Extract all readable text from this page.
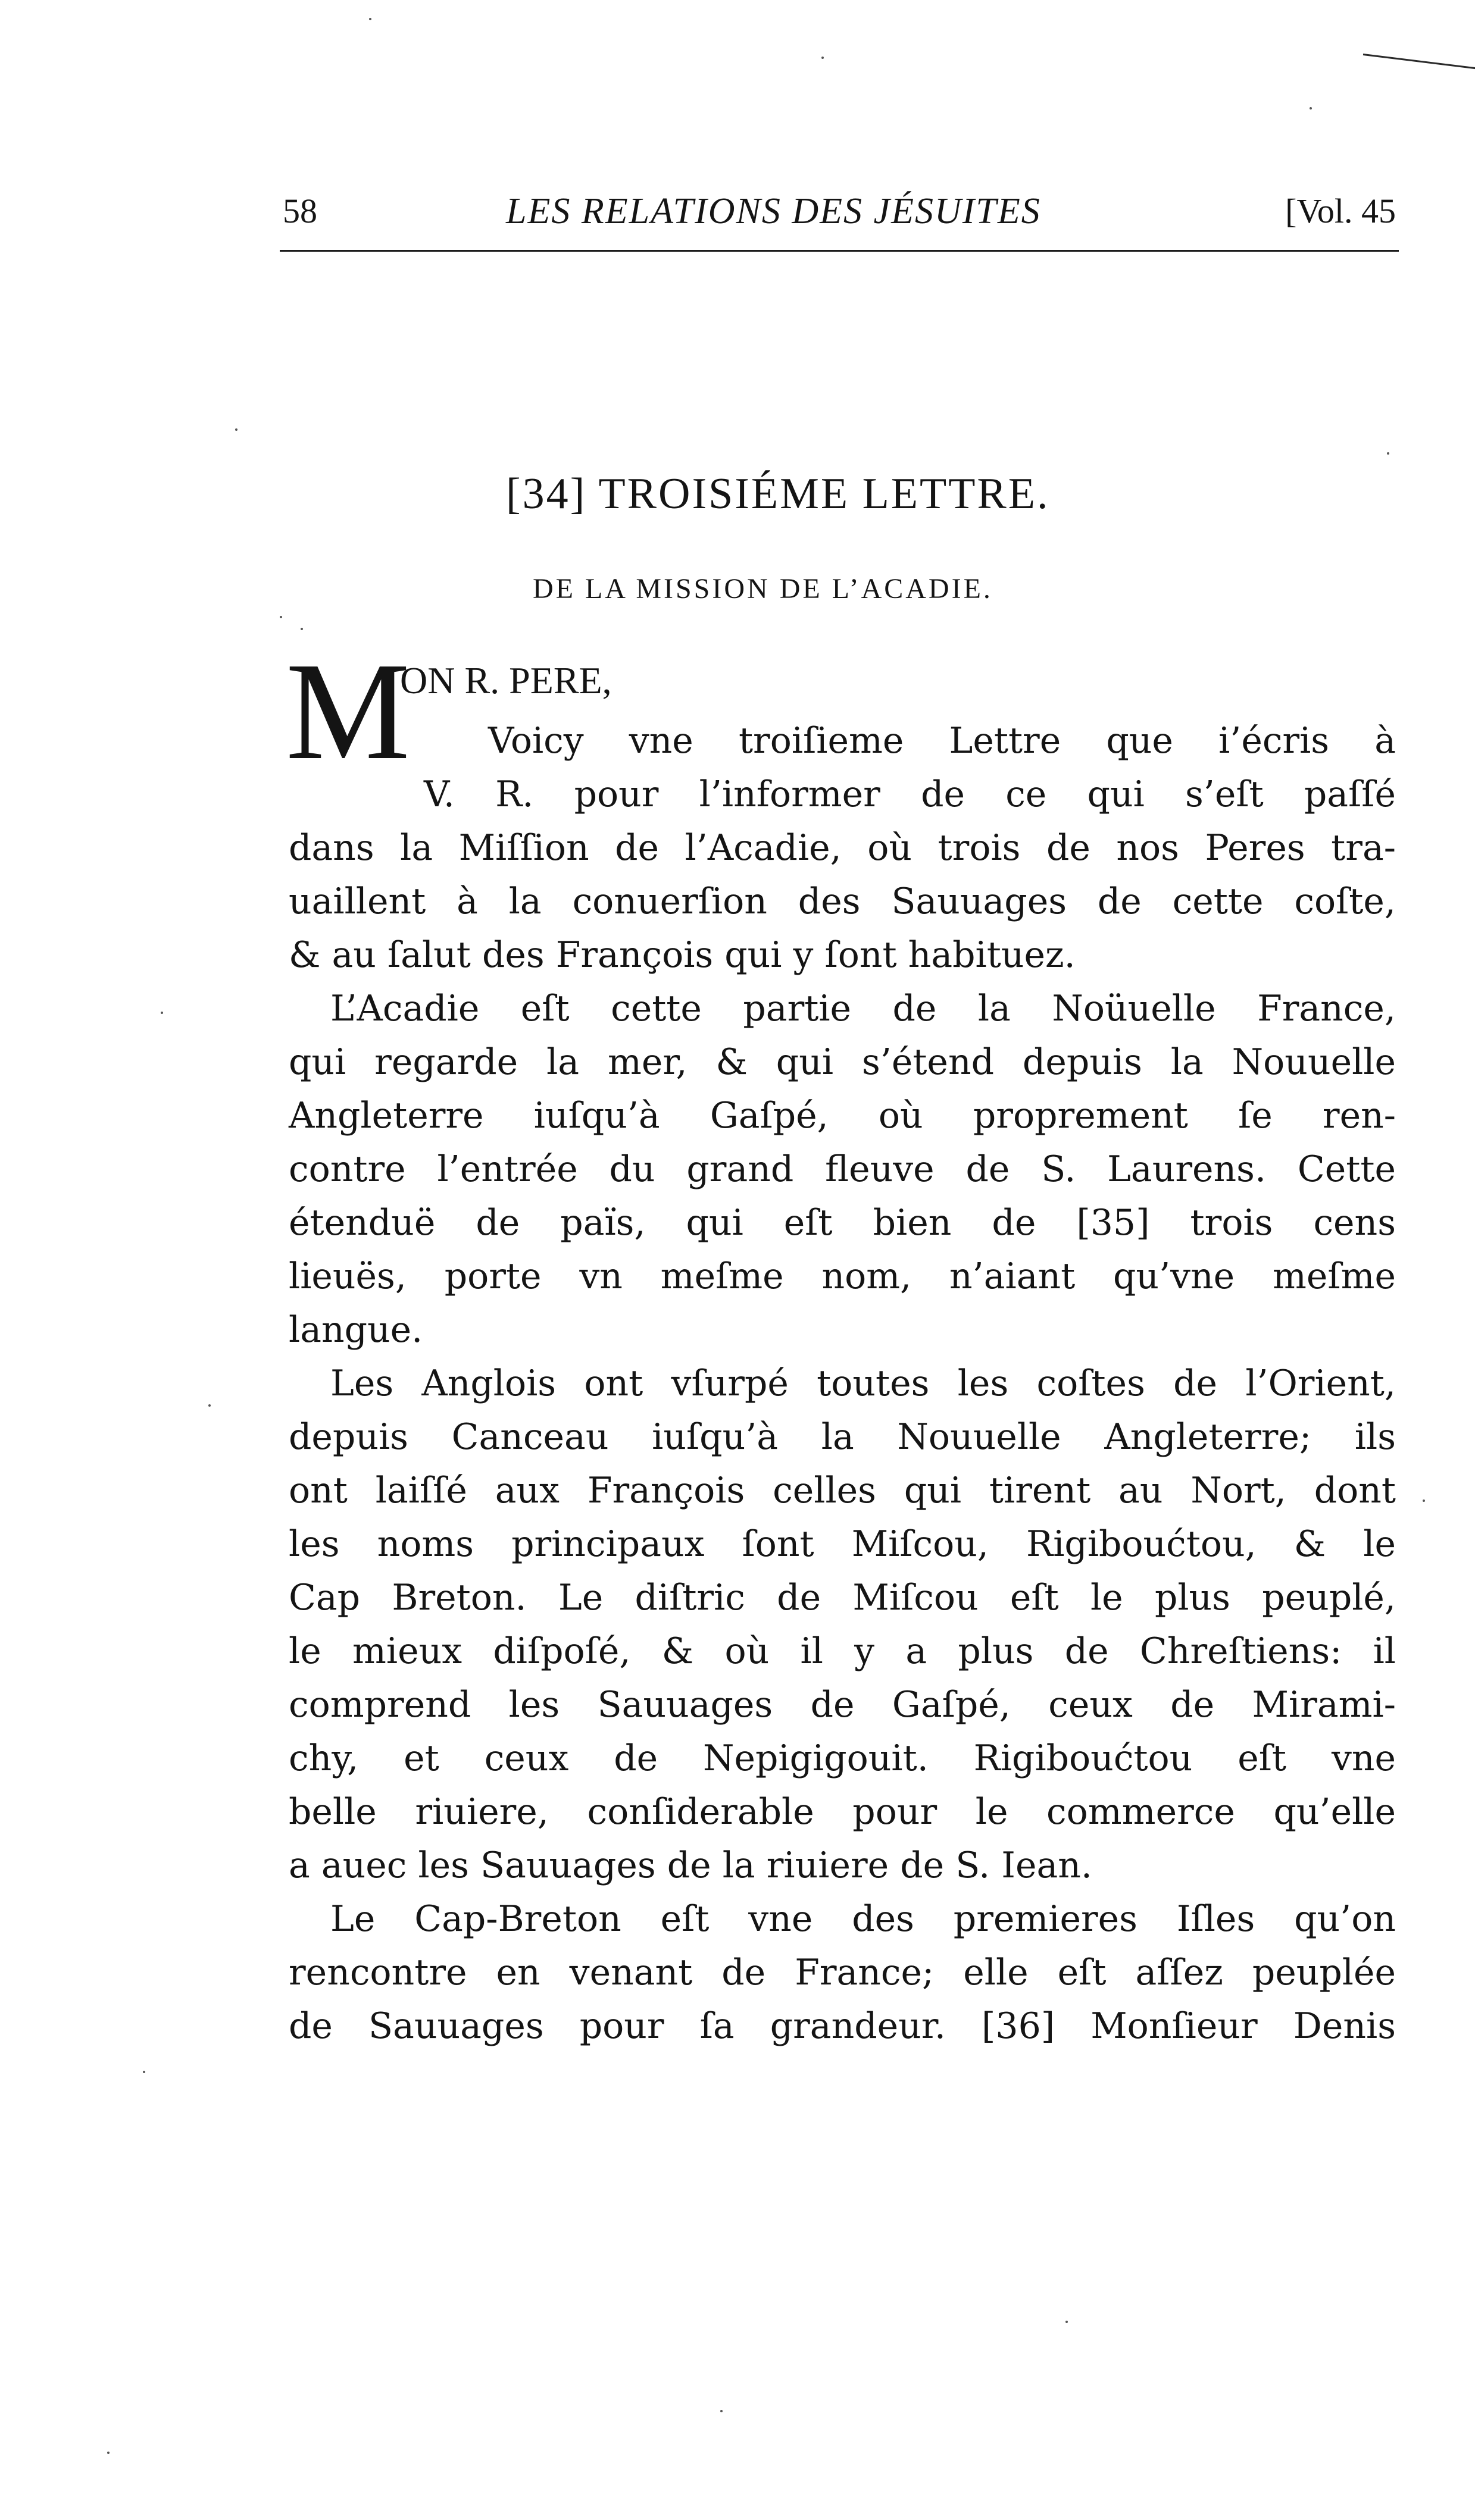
58	LES RELATIONS DES JÉSUITES	[Vol. 45
[34] TROISIÉME LETTRE.
DE LA MISSION DE L’ACADIE.
M
ON R. PERE,
Voicy vne troiſieme Lettre que i’écris à
V. R. pour l’informer de ce qui s’eſt paſſé
dans la Miſſion de l’Acadie, où trois de nos Peres tra-
uaillent à la conuerſion des Sauuages de cette coſte,
& au ſalut des François qui y ſont habituez.
L’Acadie eſt cette partie de la Noüuelle France,
qui regarde la mer, & qui s’étend depuis la Nouuelle
Angleterre iuſqu’à Gaſpé, où proprement ſe ren-
contre l’entrée du grand fleuve de S. Laurens. Cette
étenduë de païs, qui eſt bien de [35] trois cens
lieuës, porte vn meſme nom, n’aiant qu’vne meſme
langue.
Les Anglois ont vſurpé toutes les coſtes de l’Orient,
depuis Canceau iuſqu’à la Nouuelle Angleterre; ils
ont laiſſé aux François celles qui tirent au Nort, dont
les noms principaux ſont Miſcou, Rigiboućtou, & le
Cap Breton. Le diſtric de Miſcou eſt le plus peuplé,
le mieux diſpoſé, & où il y a plus de Chreſtiens: il
comprend les Sauuages de Gaſpé, ceux de Mirami-
chy, et ceux de Nepigigouit. Rigiboućtou eſt vne
belle riuiere, conſiderable pour le commerce qu’elle
a auec les Sauuages de la riuiere de S. Iean.
Le Cap-Breton eſt vne des premieres Iſles qu’on
rencontre en venant de France; elle eſt aſſez peuplée
de Sauuages pour ſa grandeur. [36] Monſieur Denis
